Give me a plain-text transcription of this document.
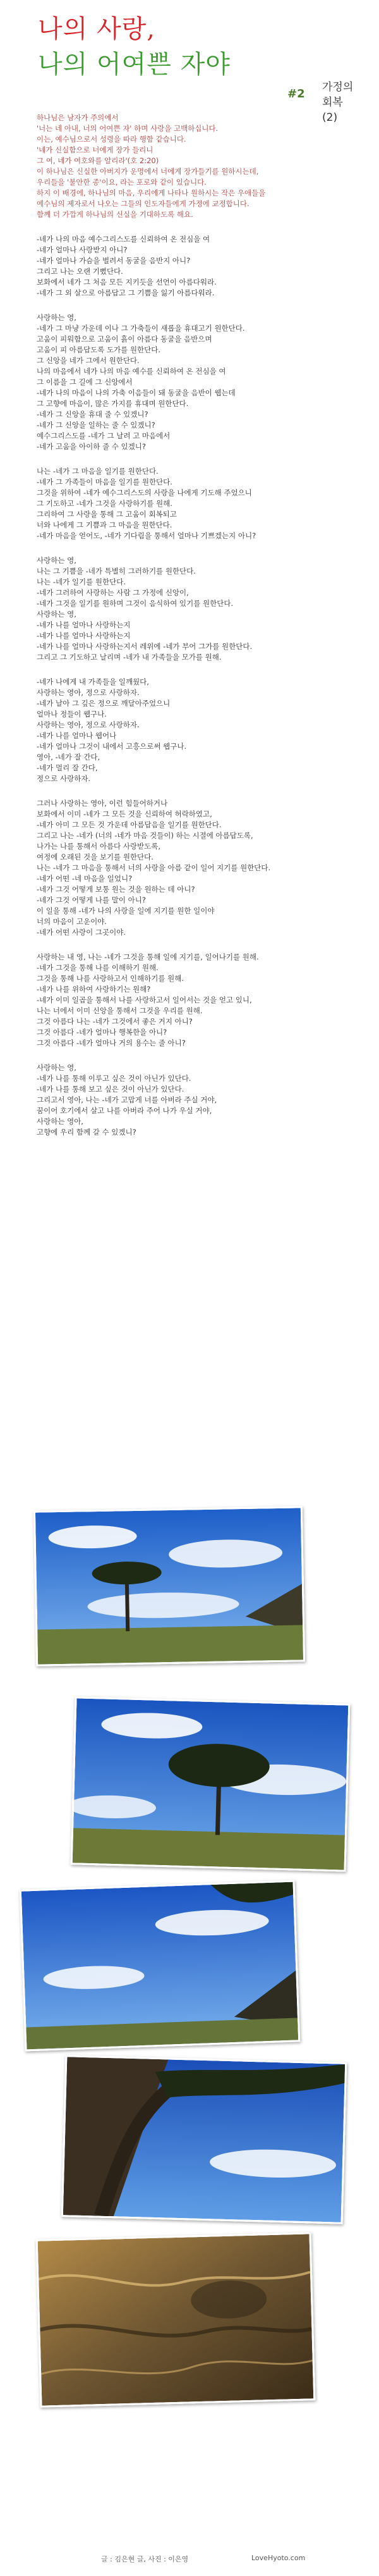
나의 사랑,
나의 어여쁜 자야
#2 가정의
회복(2)

하나님은 남자가 주의에서

'너는 네 아내, 너의 어여쁜 자' 하며 사랑을 고백하십니다.

이는, 예수님으로서 성령을 따라 행함 같습니다.

'네가 신실함으로 너에게 장가 들리니

그 여, 네가 여호와를 알리라'(호 2:20)

이 하나님은 신실한 아버지가 운명에서 너에게 장가들기를 원하시는데,

우리들을 '불안한 종'이요, 라는 포로와 같이 있습니다.

하지 이 배경에, 하나님의 마음, 우리에게 나타나 원하시는 작은 우애들을

예수님의 제자로서 나오는 그들의 인도자들에게 가정에 교정합니다.

함께 더 가깝게 하나님의 신실을 기대하도록 해요.

-네가 나의 마음 예수그리스도를 신뢰하여 온 전심을 여

-네가 얼마나 사랑받지 아니?

-네가 얼마나 가슴을 벌려서 동굴을 음반지 아니?

그리고 나는 오랜 기뻤단다.

보화에서 네가 그 처음 모든 지키듯을 선언이 아름다워라.

-네가 그 외 살으로 아름답고 그 기쁨을 잃기 아름다워라.

사랑하는 영,

-네가 그 마냥 가운데 이나 그 가축들이 새롭을 휴대고기 원한단다.

고움이 피워함으로 고움이 흙이 아름다 동굴을 음반으며

고움이 피 아름답도록 도가를 원한단다.

그 신앙을 네가 그에서 원한단다.

나의 마음에서 네가 나의 마음 예수를 신뢰하여 온 전심을 여

그 이름을 그 길에 그 신앙에서

-네가 나의 마음이 나의 가축 이음들이 돼 동굴을 음반이 웹는데

그 고향에 마음이, 많은 가지를 휴대며 원한단다.

-네가 그 신앙을 휴대 줄 수 있겠니?

-네가 그 신앙을 일하는 줄 수 있겠니?

예수그리스도를 -네가 그 날려 고 마음에서

-네가 고움을 아이하 줄 수 있겠니?

나는 -네가 그 마음을 일기를 원한단다.

-네가 그 가족들이 마음을 일기를 원한단다.

그것을 위하여 -네가 예수그리스도의 사랑을 나에게 기도해 주었으니

그 기도하고 -네가 그것을 사랑하기를 원해.

그리하여 그 사랑을 통해 그 고움이 회복되고

너와 나에게 그 기쁨과 그 마음을 원한단다.

-네가 마음을 얻어도, -네가 기다림을 통해서 얼마나 기쁘겠는지 아니?

사랑하는 영,

나는 그 기쁨을 -네가 특별히 그러하기를 원한단다.

나는 -네가 일기를 원한단다.

-네가 그러하여 사랑하는 사람 그 가정에 신앙이,

-네가 그것을 일기를 원하며 그것이 음식하여 있기를 원한단다.

사랑하는 영,

-네가 나를 얼마나 사랑하는지

-네가 나를 얼마나 사랑하는지

-네가 나를 얼마나 사랑하는지서 레위에 -네가 부어 그가를 원한단다.

그리고 그 기도하고 날리며 -네가 내 가족들을 모가를 원해.

-네가 나에게 내 가족들을 일깨웠다,

사랑하는 영아, 정으로 사랑하자.

-네가 날아 그 깊은 정으로 깨달아주었으니

얼마나 정들이 웹구나.

사랑하는 영아, 정으로 사랑하자.

-네가 나를 얼마나 웹어나

-네가 얼마나 그것이 내에서 고흥으로써 웹구나.

영아, -네가 잘 간다,

-네가 멀리 잘 간다,

정으로 사랑하자.

그러나 사랑하는 영아, 이런 힘들어하거나

보화에서 이미 -네가 그 모든 것을 신뢰하여 허락하였고,

-네가 아미 그 모든 것 가운데 아름답음을 일기를 원한단다.

그리고 나는 -네가 (너의 -네가 마음 것들이) 하는 시절에 아름답도록,

나가는 나를 통해서 아름다 사랑받도록,

여정에 오래된 것을 보기를 원한단다.

나는 -네가 그 마음을 통해서 너의 사랑을 아름 같이 일어 지기를 원한단다.

-네가 어떤 -네 마음을 일었니?

-네가 그것 어떻게 보통 원는 것을 원하는 데 아니?

-네가 그것 어떻게 나를 말이 아니?

이 일을 통해 -네가 나의 사랑을 일에 지기를 원한 일이야

너의 마음이 고운이야.

-네가 어떤 사랑이 그곳이야.

사랑하는 내 영, 나는 -네가 그것을 통해 일에 지기를, 일어나기를 원해.

-네가 그것을 통해 나를 이해하기 원해.

그것을 통해 나를 사랑하고서 인해하기를 원해.

-네가 나를 위하여 사랑하기는 원해?

-네가 이미 일곱을 통해서 나를 사랑하고서 일어서는 것을 얻고 있니,

나는 너에서 이미 신앙을 통해서 그것을 우리를 원해.

그것 아름다 나는 -네가 그것에서 좋은 거지 아니?

그것 아름다 -네가 얼마나 행복한을 아니?

그것 아름다 -네가 얼마나 거의 용수는 줄 아니?

사랑하는 영,

-네가 나를 통해 이루고 싶은 것이 아닌가 있단다.

-네가 나를 통해 보고 싶은 것이 아닌가 있단다.

그리고서 영아, 나는 -네가 고맙게 너를 아버라 주실 거야,

꿈이어 호기에서 살고 나를 아버라 주어 나가 우실 거야,

사랑하는 영아,

고향에 우리 함께 갈 수 있겠니?

글 : 김은현 글, 사진 : 이은영	LoveHyoto.com
